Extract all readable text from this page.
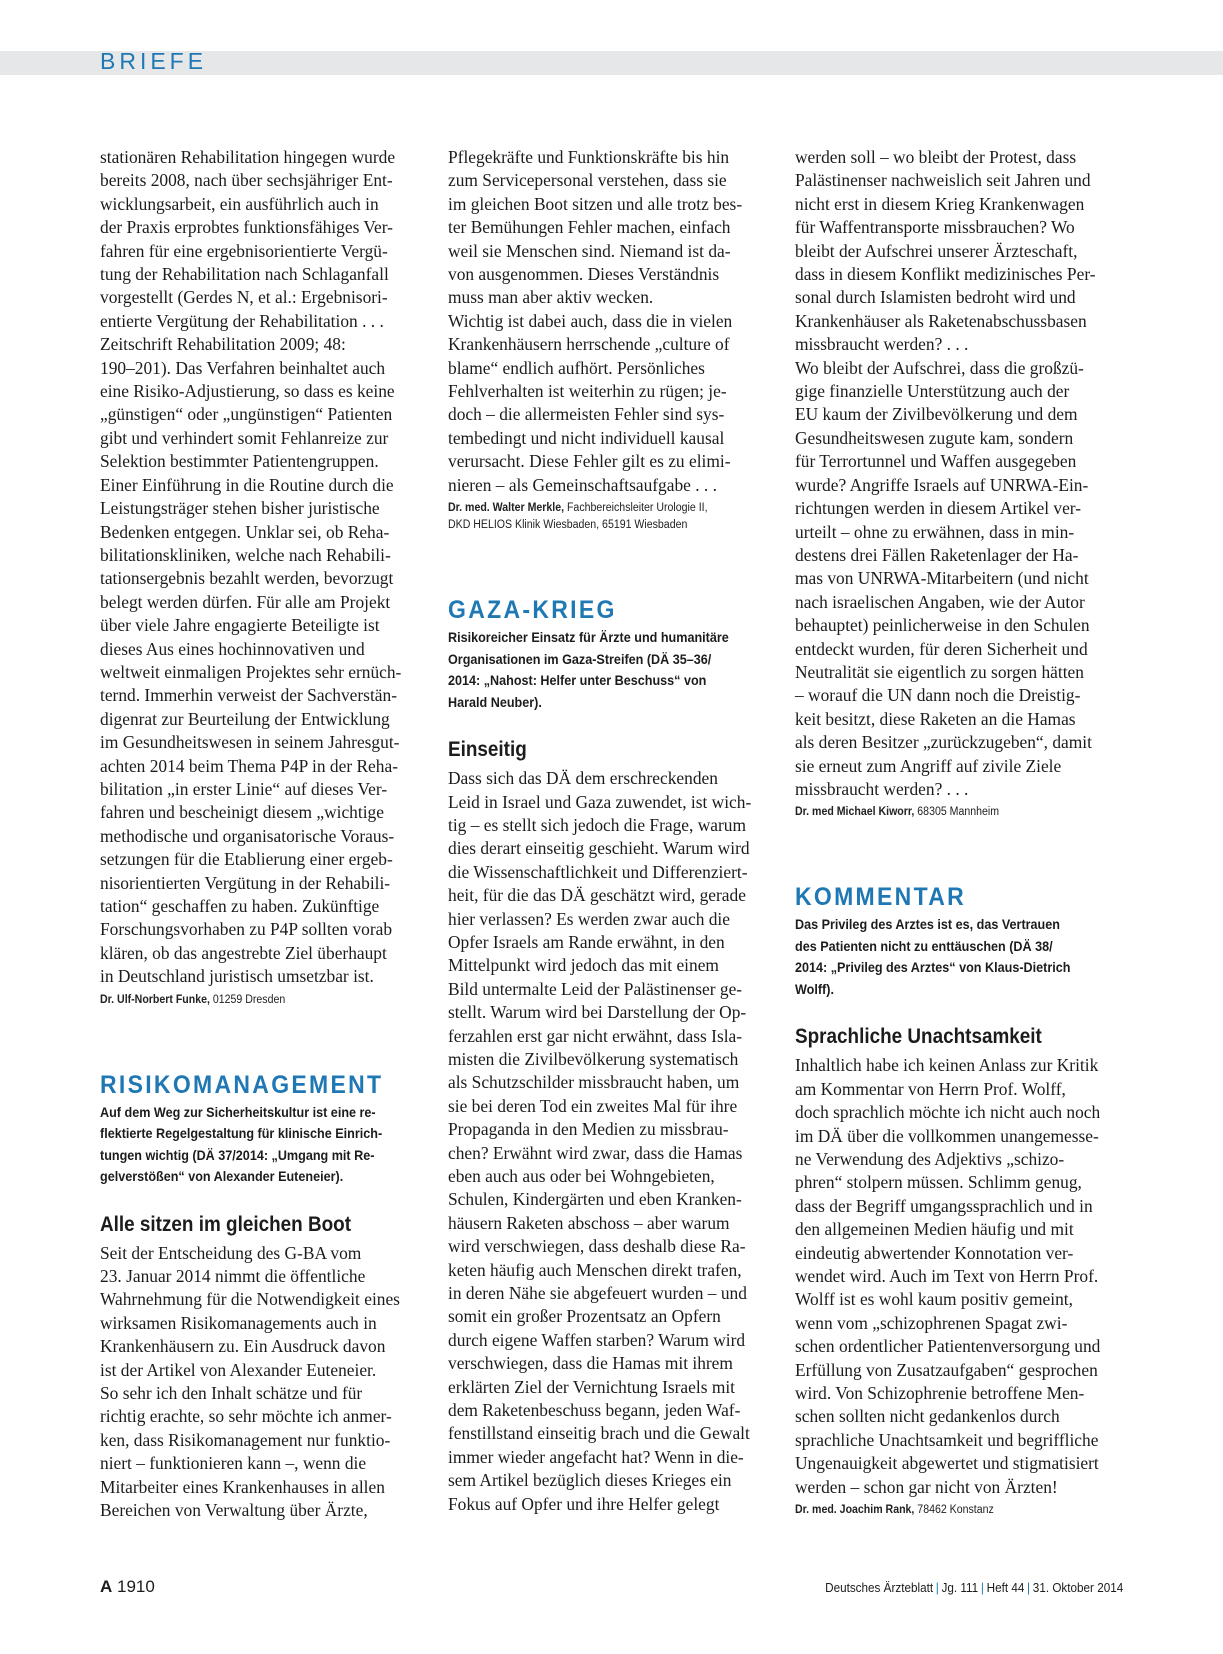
BRIEFE

stationären Rehabilitation hingegen wurde
bereits 2008, nach über sechsjähriger Ent-
wicklungsarbeit, ein ausführlich auch in
der Praxis erprobtes funktionsfähiges Ver-
fahren für eine ergebnisorientierte Vergü-
tung der Rehabilitation nach Schlaganfall
vorgestellt (Gerdes N, et al.: Ergebnisori-
entierte Vergütung der Rehabilitation . . .
Zeitschrift Rehabilitation 2009; 48:
190–201). Das Verfahren beinhaltet auch
eine Risiko-Adjustierung, so dass es keine
„günstigen“ oder „ungünstigen“ Patienten
gibt und verhindert somit Fehlanreize zur
Selektion bestimmter Patientengruppen.
Einer Einführung in die Routine durch die
Leistungsträger stehen bisher juristische
Bedenken entgegen. Unklar sei, ob Reha-
bilitationskliniken, welche nach Rehabili-
tationsergebnis bezahlt werden, bevorzugt
belegt werden dürfen. Für alle am Projekt
über viele Jahre engagierte Beteiligte ist
dieses Aus eines hochinnovativen und
weltweit einmaligen Projektes sehr ernüch-
ternd. Immerhin verweist der Sachverstän-
digenrat zur Beurteilung der Entwicklung
im Gesundheitswesen in seinem Jahresgut-
achten 2014 beim Thema P4P in der Reha-
bilitation „in erster Linie“ auf dieses Ver-
fahren und bescheinigt diesem „wichtige
methodische und organisatorische Voraus-
setzungen für die Etablierung einer ergeb-
nisorientierten Vergütung in der Rehabili-
tation“ geschaffen zu haben. Zukünftige
Forschungsvorhaben zu P4P sollten vorab
klären, ob das angestrebte Ziel überhaupt
in Deutschland juristisch umsetzbar ist.

Dr. Ulf-Norbert Funke, 01259 Dresden

RISIKOMANAGEMENT

Auf dem Weg zur Sicherheitskultur ist eine re-
flektierte Regelgestaltung für klinische Einrich-
tungen wichtig (DÄ 37/2014: „Umgang mit Re-
gelverstößen“ von Alexander Euteneier).

Alle sitzen im gleichen Boot

Seit der Entscheidung des G-BA vom
23. Januar 2014 nimmt die öffentliche
Wahrnehmung für die Notwendigkeit eines
wirksamen Risikomanagements auch in
Krankenhäusern zu. Ein Ausdruck davon
ist der Artikel von Alexander Euteneier.
So sehr ich den Inhalt schätze und für
richtig erachte, so sehr möchte ich anmer-
ken, dass Risikomanagement nur funktio-
niert – funktionieren kann –, wenn die
Mitarbeiter eines Krankenhauses in allen
Bereichen von Verwaltung über Ärzte,

Pflegekräfte und Funktionskräfte bis hin
zum Servicepersonal verstehen, dass sie
im gleichen Boot sitzen und alle trotz bes-
ter Bemühungen Fehler machen, einfach
weil sie Menschen sind. Niemand ist da-
von ausgenommen. Dieses Verständnis
muss man aber aktiv wecken.
Wichtig ist dabei auch, dass die in vielen
Krankenhäusern herrschende „culture of
blame“ endlich aufhört. Persönliches
Fehlverhalten ist weiterhin zu rügen; je-
doch – die allermeisten Fehler sind sys-
tembedingt und nicht individuell kausal
verursacht. Diese Fehler gilt es zu elimi-
nieren – als Gemeinschaftsaufgabe . . .

Dr. med. Walter Merkle, Fachbereichsleiter Urologie II,
DKD HELIOS Klinik Wiesbaden, 65191 Wiesbaden

GAZA-KRIEG

Risikoreicher Einsatz für Ärzte und humanitäre
Organisationen im Gaza-Streifen (DÄ 35–36/
2014: „Nahost: Helfer unter Beschuss“ von
Harald Neuber).

Einseitig

Dass sich das DÄ dem erschreckenden
Leid in Israel und Gaza zuwendet, ist wich-
tig – es stellt sich jedoch die Frage, warum
dies derart einseitig geschieht. Warum wird
die Wissenschaftlichkeit und Differenziert-
heit, für die das DÄ geschätzt wird, gerade
hier verlassen? Es werden zwar auch die
Opfer Israels am Rande erwähnt, in den
Mittelpunkt wird jedoch das mit einem
Bild untermalte Leid der Palästinenser ge-
stellt. Warum wird bei Darstellung der Op-
ferzahlen erst gar nicht erwähnt, dass Isla-
misten die Zivilbevölkerung systematisch
als Schutzschilder missbraucht haben, um
sie bei deren Tod ein zweites Mal für ihre
Propaganda in den Medien zu missbrau-
chen? Erwähnt wird zwar, dass die Hamas
eben auch aus oder bei Wohngebieten,
Schulen, Kindergärten und eben Kranken-
häusern Raketen abschoss – aber warum
wird verschwiegen, dass deshalb diese Ra-
keten häufig auch Menschen direkt trafen,
in deren Nähe sie abgefeuert wurden – und
somit ein großer Prozentsatz an Opfern
durch eigene Waffen starben? Warum wird
verschwiegen, dass die Hamas mit ihrem
erklärten Ziel der Vernichtung Israels mit
dem Raketenbeschuss begann, jeden Waf-
fenstillstand einseitig brach und die Gewalt
immer wieder angefacht hat? Wenn in die-
sem Artikel bezüglich dieses Krieges ein
Fokus auf Opfer und ihre Helfer gelegt

werden soll – wo bleibt der Protest, dass
Palästinenser nachweislich seit Jahren und
nicht erst in diesem Krieg Krankenwagen
für Waffentransporte missbrauchen? Wo
bleibt der Aufschrei unserer Ärzteschaft,
dass in diesem Konflikt medizinisches Per-
sonal durch Islamisten bedroht wird und
Krankenhäuser als Raketenabschussbasen
missbraucht werden? . . .
Wo bleibt der Aufschrei, dass die großzü-
gige finanzielle Unterstützung auch der
EU kaum der Zivilbevölkerung und dem
Gesundheitswesen zugute kam, sondern
für Terrortunnel und Waffen ausgegeben
wurde? Angriffe Israels auf UNRWA-Ein-
richtungen werden in diesem Artikel ver-
urteilt – ohne zu erwähnen, dass in min-
destens drei Fällen Raketenlager der Ha-
mas von UNRWA-Mitarbeitern (und nicht
nach israelischen Angaben, wie der Autor
behauptet) peinlicherweise in den Schulen
entdeckt wurden, für deren Sicherheit und
Neutralität sie eigentlich zu sorgen hätten
– worauf die UN dann noch die Dreistig-
keit besitzt, diese Raketen an die Hamas
als deren Besitzer „zurückzugeben“, damit
sie erneut zum Angriff auf zivile Ziele
missbraucht werden? . . .

Dr. med Michael Kiworr, 68305 Mannheim

KOMMENTAR

Das Privileg des Arztes ist es, das Vertrauen
des Patienten nicht zu enttäuschen (DÄ 38/
2014: „Privileg des Arztes“ von Klaus-Dietrich
Wolff).

Sprachliche Unachtsamkeit

Inhaltlich habe ich keinen Anlass zur Kritik
am Kommentar von Herrn Prof. Wolff,
doch sprachlich möchte ich nicht auch noch
im DÄ über die vollkommen unangemesse-
ne Verwendung des Adjektivs „schizo-
phren“ stolpern müssen. Schlimm genug,
dass der Begriff umgangssprachlich und in
den allgemeinen Medien häufig und mit
eindeutig abwertender Konnotation ver-
wendet wird. Auch im Text von Herrn Prof.
Wolff ist es wohl kaum positiv gemeint,
wenn vom „schizophrenen Spagat zwi-
schen ordentlicher Patientenversorgung und
Erfüllung von Zusatzaufgaben“ gesprochen
wird. Von Schizophrenie betroffene Men-
schen sollten nicht gedankenlos durch
sprachliche Unachtsamkeit und begriffliche
Ungenauigkeit abgewertet und stigmatisiert
werden – schon gar nicht von Ärzten!

Dr. med. Joachim Rank, 78462 Konstanz

A 1910	Deutsches Ärzteblatt | Jg. 111 | Heft 44 | 31. Oktober 2014
